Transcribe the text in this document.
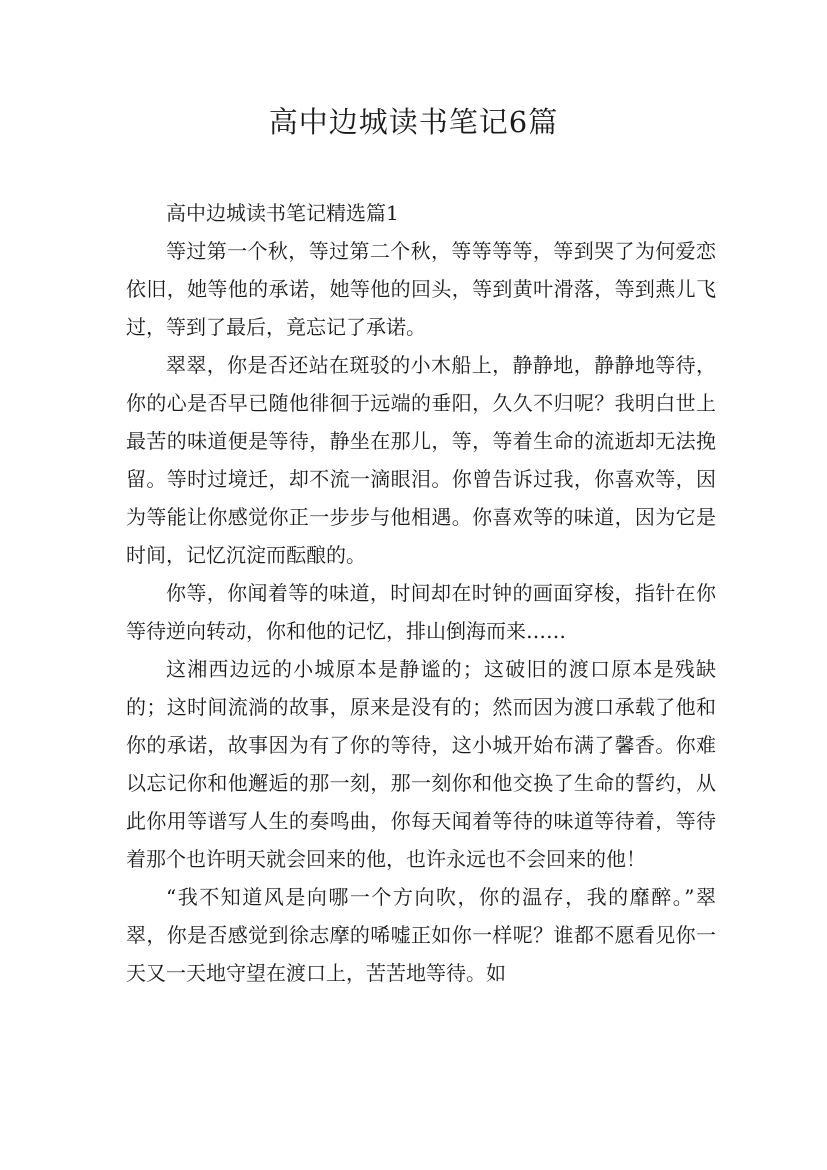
高中边城读书笔记6篇

高中边城读书笔记精选篇1

等过第一个秋，等过第二个秋，等等等等，等到哭了为何爱恋依旧，她等他的承诺，她等他的回头，等到黄叶滑落，等到燕儿飞过，等到了最后，竟忘记了承诺。

翠翠，你是否还站在斑驳的小木船上，静静地，静静地等待，你的心是否早已随他徘徊于远端的垂阳，久久不归呢？我明白世上最苦的味道便是等待，静坐在那儿，等，等着生命的流逝却无法挽留。等时过境迁，却不流一滴眼泪。你曾告诉过我，你喜欢等，因为等能让你感觉你正一步步与他相遇。你喜欢等的味道，因为它是时间，记忆沉淀而酝酿的。

你等，你闻着等的味道，时间却在时钟的画面穿梭，指针在你等待逆向转动，你和他的记忆，排山倒海而来……

这湘西边远的小城原本是静谧的；这破旧的渡口原本是残缺的；这时间流淌的故事，原来是没有的；然而因为渡口承载了他和你的承诺，故事因为有了你的等待，这小城开始布满了馨香。你难以忘记你和他邂逅的那一刻，那一刻你和他交换了生命的誓约，从此你用等谱写人生的奏鸣曲，你每天闻着等待的味道等待着，等待着那个也许明天就会回来的他，也许永远也不会回来的他！

“我不知道风是向哪一个方向吹，你的温存，我的靡醉。”翠翠，你是否感觉到徐志摩的唏嘘正如你一样呢？谁都不愿看见你一天又一天地守望在渡口上，苦苦地等待。如
